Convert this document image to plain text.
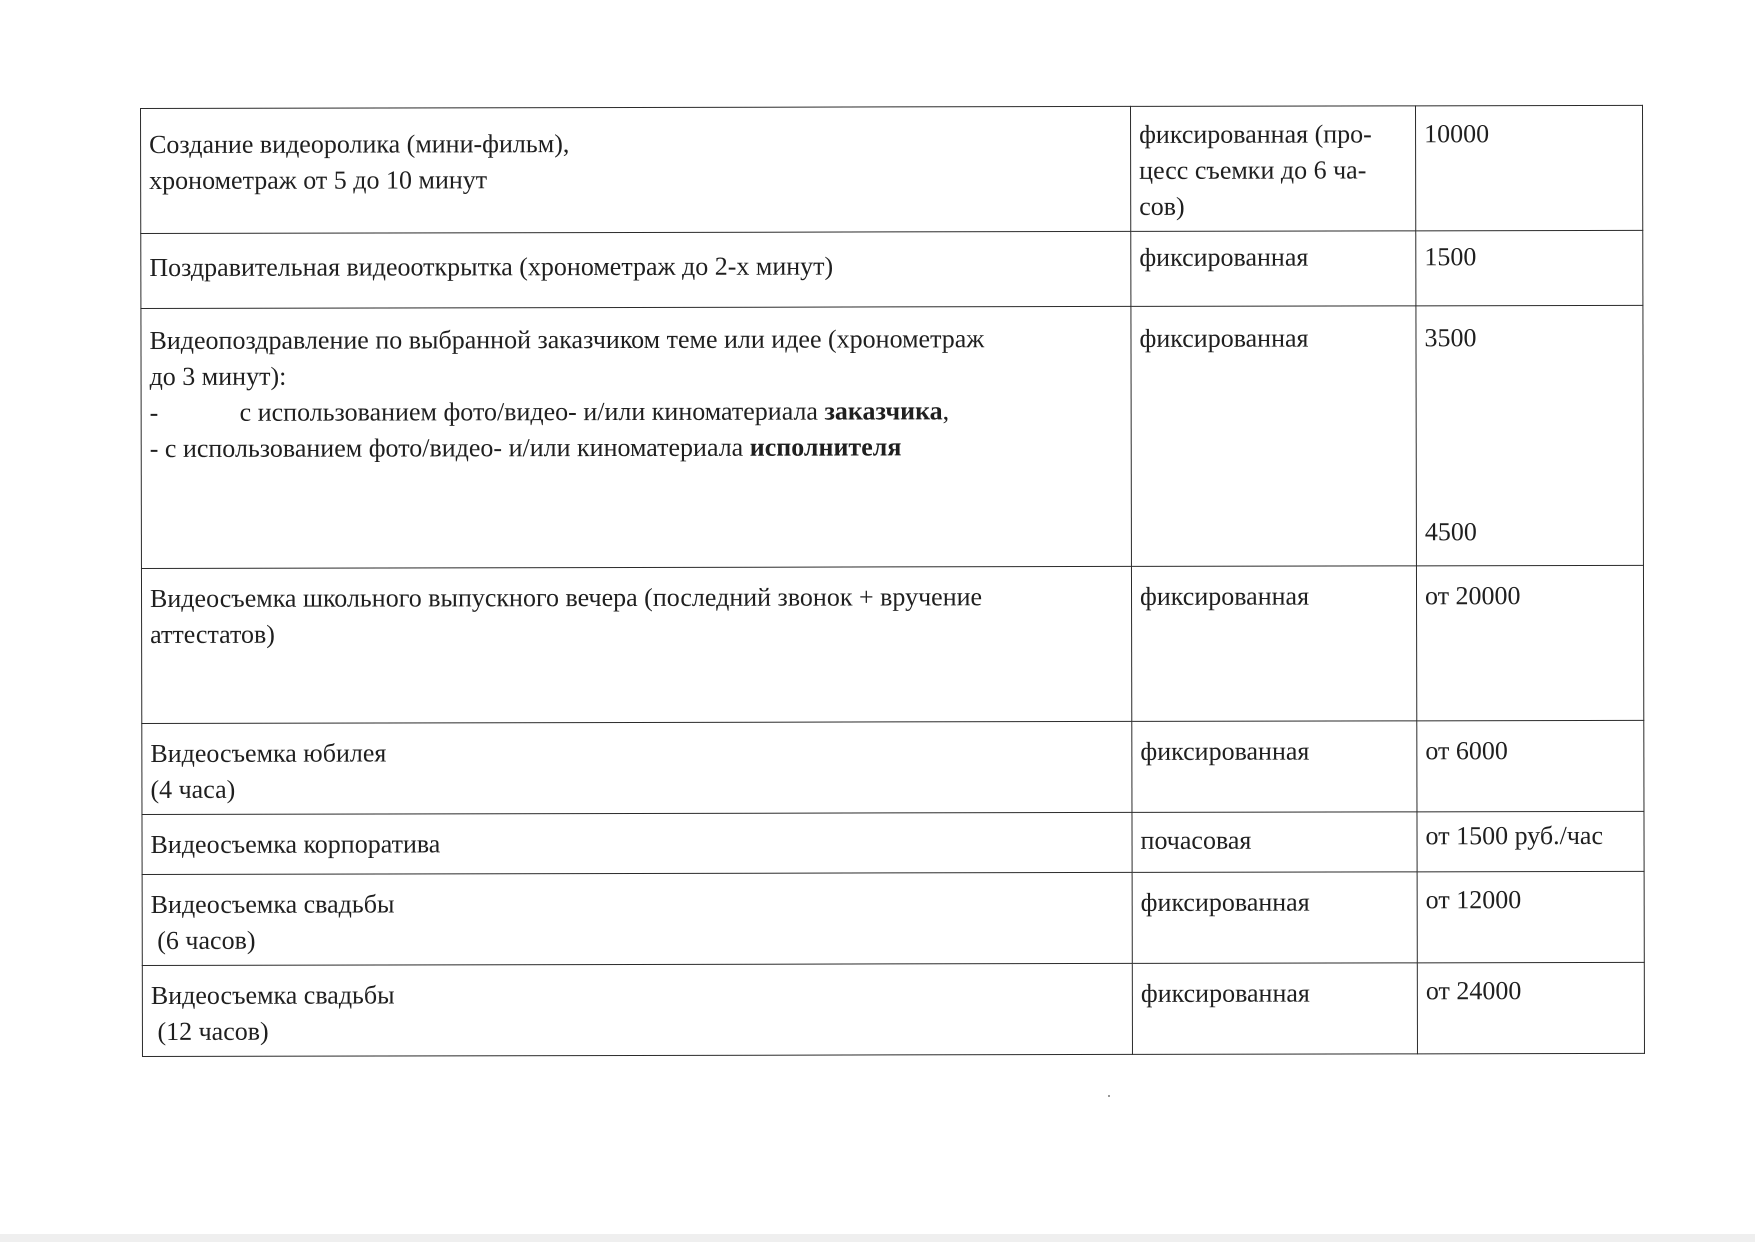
Создание видеоролика (мини-фильм),
хронометраж от 5 до 10 минут	фиксированная (про-
цесс съемки до 6 ча-
сов)	10000

Поздравительная видеооткрытка (хронометраж до 2-х минут)	фиксированная	1500

Видеопоздравление по выбранной заказчиком теме или идее (хронометраж
до 3 минут):
- с использованием фото/видео- и/или киноматериала заказчика,
- с использованием фото/видео- и/или киноматериала исполнителя	фиксированная	3500
4500

Видеосъемка школьного выпускного вечера (последний звонок + вручение
аттестатов)	фиксированная	от 20000

Видеосъемка юбилея
(4 часа)	фиксированная	от 6000

Видеосъемка корпоратива	почасовая	от 1500 руб./час

Видеосъемка свадьбы
(6 часов)	фиксированная	от 12000

Видеосъемка свадьбы
(12 часов)	фиксированная	от 24000
